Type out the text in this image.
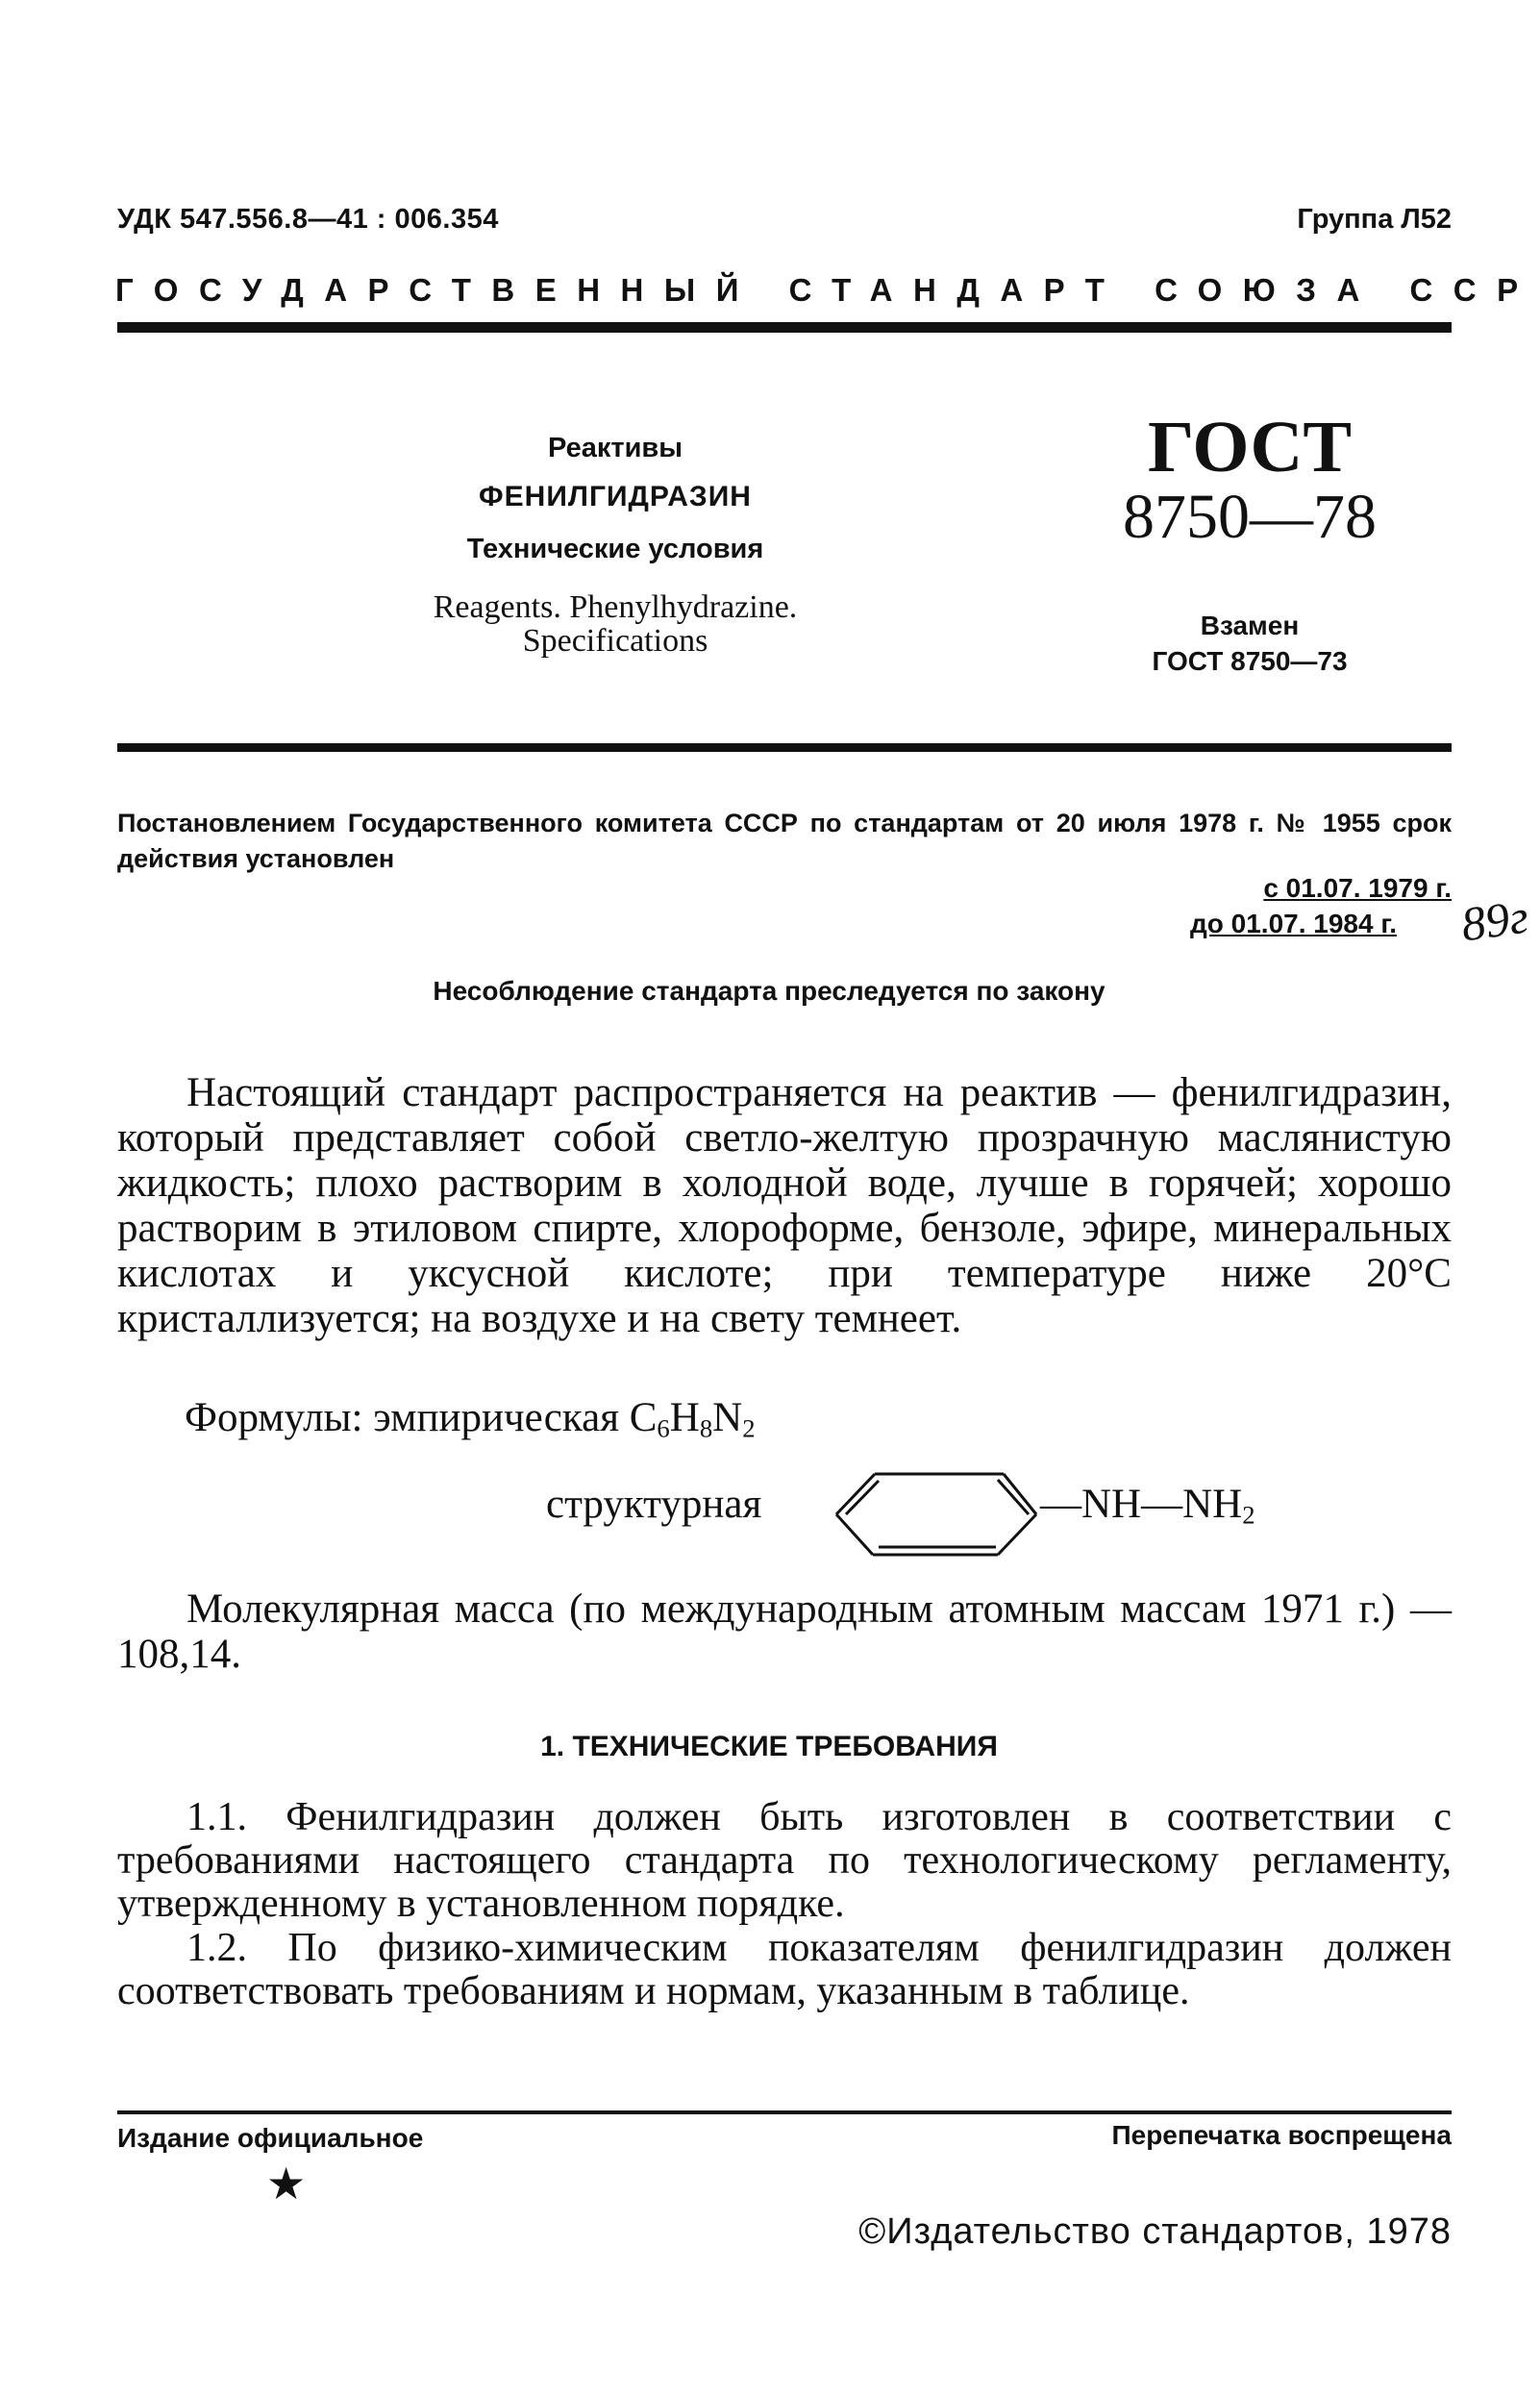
УДК 547.556.8—41 : 006.354	Группа Л52
ГОСУДАРСТВЕННЫЙ СТАНДАРТ СОЮЗА ССР
Реактивы
ФЕНИЛГИДРАЗИН
Технические условия
Reagents. Phenylhydrazine.
Specifications
ГОСТ
8750—78
Взамен
ГОСТ 8750—73
Постановлением Государственного комитета СССР по стандартам от 20 июля 1978 г. № 1955 срок действия установлен
с 01.07. 1979 г.
до 01.07. 1984 г. 89г
Несоблюдение стандарта преследуется по закону
Настоящий стандарт распространяется на реактив — фенилгидразин, который представляет собой светло-желтую прозрачную маслянистую жидкость; плохо растворим в холодной воде, лучше в горячей; хорошо растворим в этиловом спирте, хлороформе, бензоле, эфире, минеральных кислотах и уксусной кислоте; при температуре ниже 20°С кристаллизуется; на воздухе и на свету темнеет.
Формулы: эмпирическая $C_6H_8N_2$
структурная	$—NH—NH_2$
Молекулярная масса (по международным атомным массам 1971 г.) — 108,14.
1. ТЕХНИЧЕСКИЕ ТРЕБОВАНИЯ
1.1. Фенилгидразин должен быть изготовлен в соответствии с требованиями настоящего стандарта по технологическому регламенту, утвержденному в установленном порядке.
1.2. По физико-химическим показателям фенилгидразин должен соответствовать требованиям и нормам, указанным в таблице.
Издание официальное	Перепечатка воспрещена
★
©Издательство стандартов, 1978
